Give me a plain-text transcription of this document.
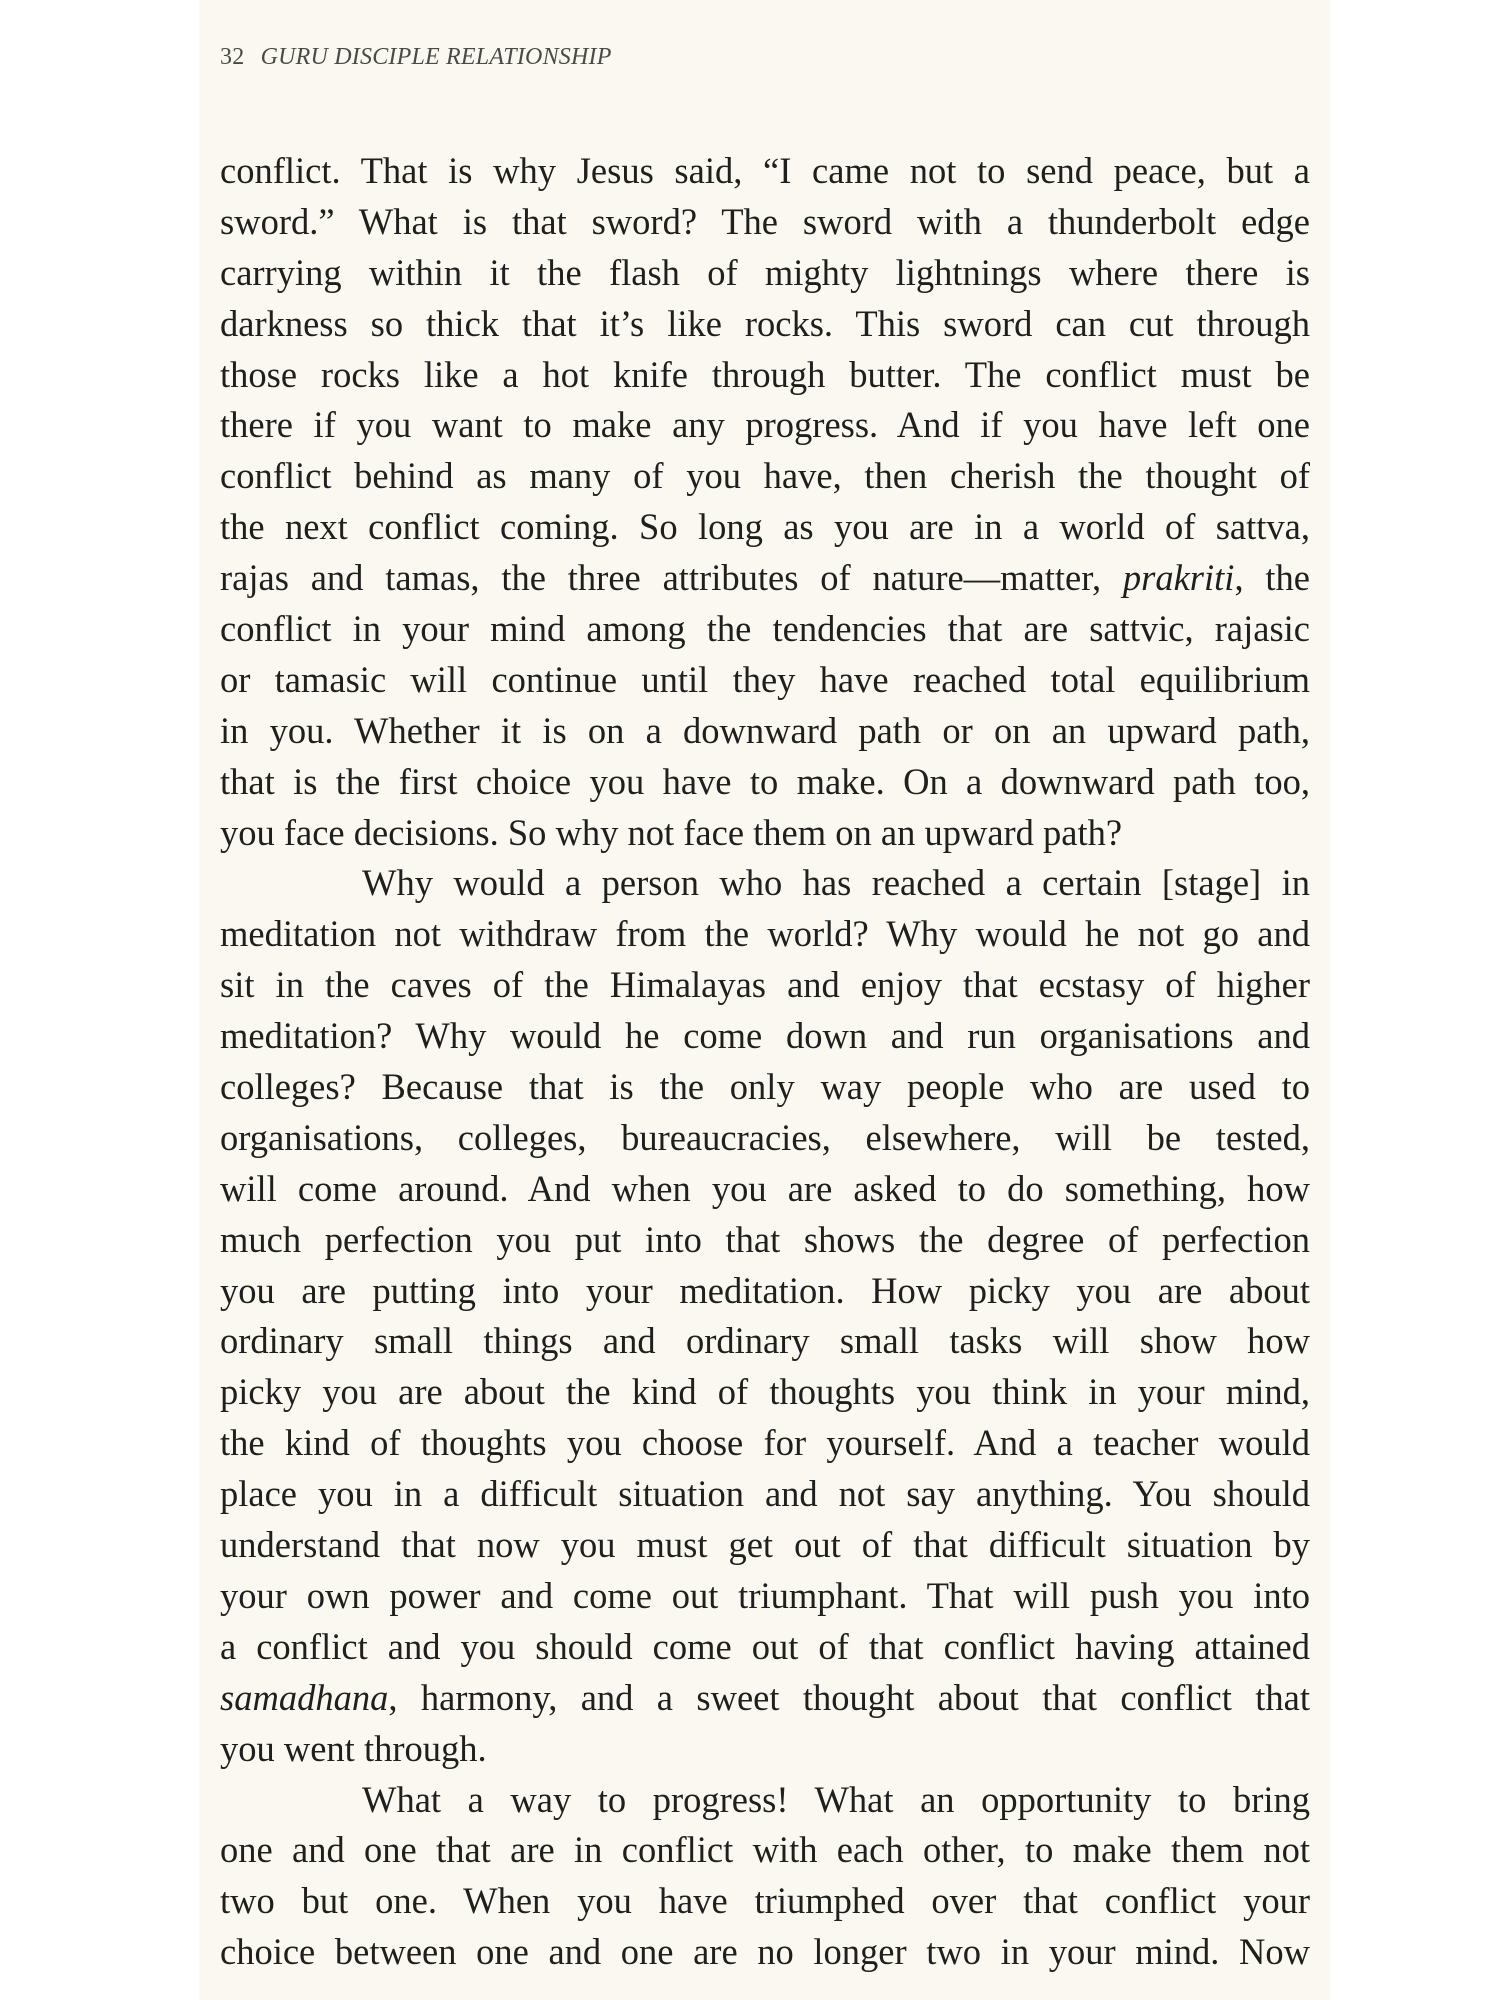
32 GURU DISCIPLE RELATIONSHIP
conflict. That is why Jesus said, “I came not to send peace, but a
sword.” What is that sword? The sword with a thunderbolt edge
carrying within it the flash of mighty lightnings where there is
darkness so thick that it’s like rocks. This sword can cut through
those rocks like a hot knife through butter. The conflict must be
there if you want to make any progress. And if you have left one
conflict behind as many of you have, then cherish the thought of
the next conflict coming. So long as you are in a world of sattva,
rajas and tamas, the three attributes of nature—matter, prakriti, the
conflict in your mind among the tendencies that are sattvic, rajasic
or tamasic will continue until they have reached total equilibrium
in you. Whether it is on a downward path or on an upward path,
that is the first choice you have to make. On a downward path too,
you face decisions. So why not face them on an upward path?
Why would a person who has reached a certain [stage] in
meditation not withdraw from the world? Why would he not go and
sit in the caves of the Himalayas and enjoy that ecstasy of higher
meditation? Why would he come down and run organisations and
colleges? Because that is the only way people who are used to
organisations, colleges, bureaucracies, elsewhere, will be tested,
will come around. And when you are asked to do something, how
much perfection you put into that shows the degree of perfection
you are putting into your meditation. How picky you are about
ordinary small things and ordinary small tasks will show how
picky you are about the kind of thoughts you think in your mind,
the kind of thoughts you choose for yourself. And a teacher would
place you in a difficult situation and not say anything. You should
understand that now you must get out of that difficult situation by
your own power and come out triumphant. That will push you into
a conflict and you should come out of that conflict having attained
samadhana, harmony, and a sweet thought about that conflict that
you went through.
What a way to progress! What an opportunity to bring
one and one that are in conflict with each other, to make them not
two but one. When you have triumphed over that conflict your
choice between one and one are no longer two in your mind. Now
